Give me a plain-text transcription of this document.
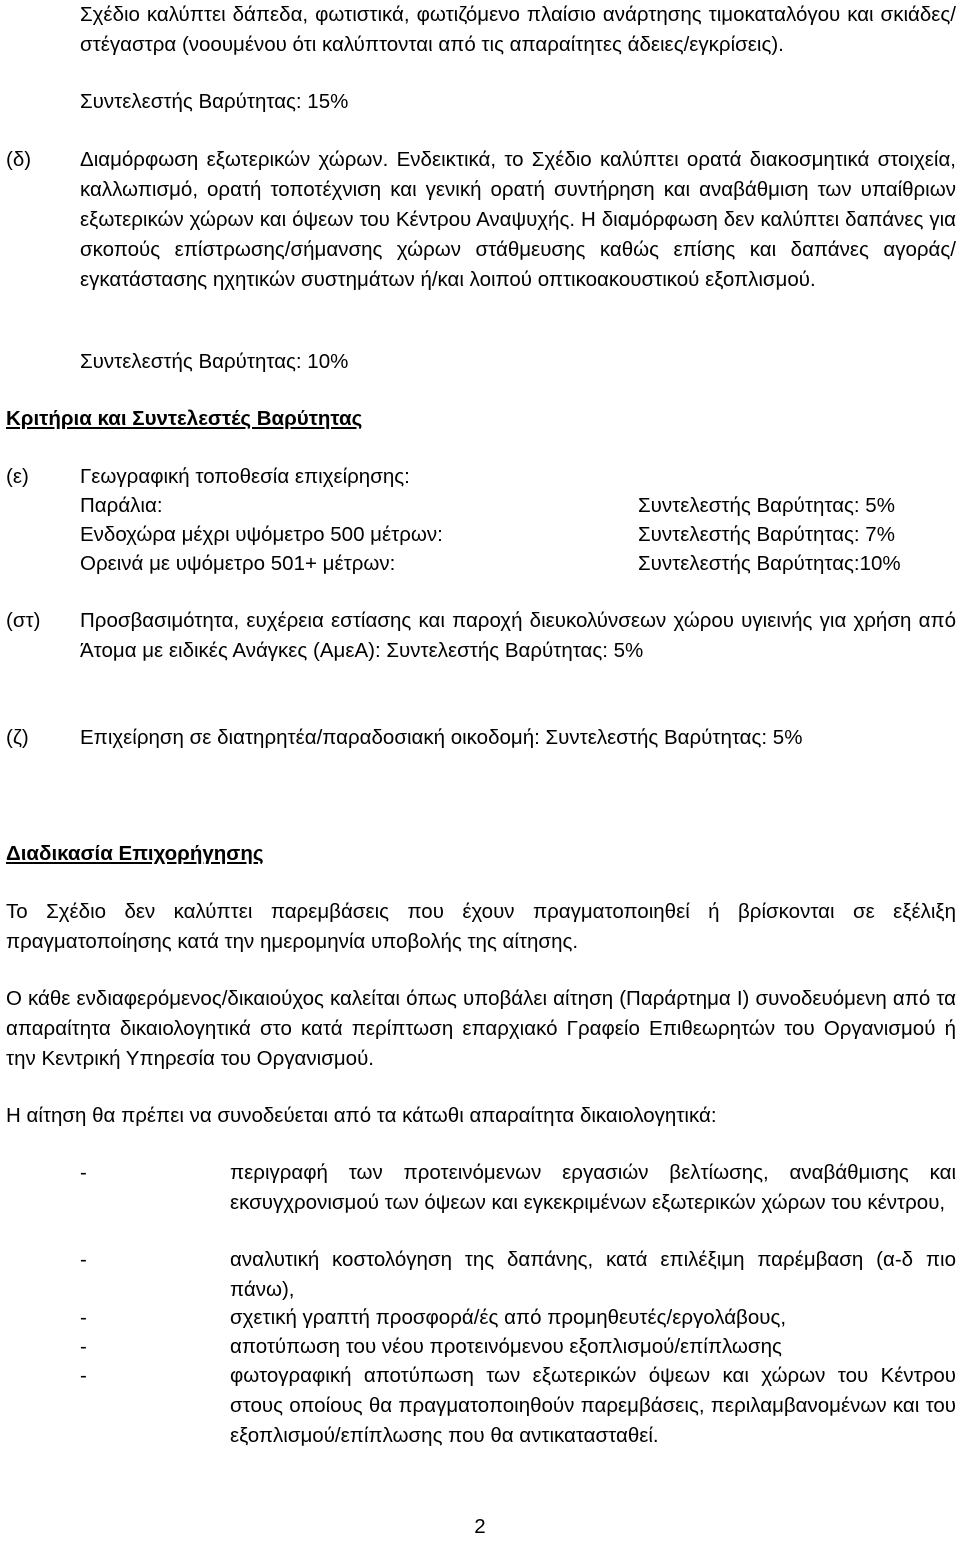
Σχέδιο καλύπτει δάπεδα, φωτιστικά, φωτιζόμενο πλαίσιο ανάρτησης τιμοκαταλόγου και σκιάδες/στέγαστρα (νοουμένου ότι καλύπτονται από τις απαραίτητες άδειες/εγκρίσεις).

Συντελεστής Βαρύτητας: 15%
(δ) Διαμόρφωση εξωτερικών χώρων. Ενδεικτικά, το Σχέδιο καλύπτει ορατά διακοσμητικά στοιχεία, καλλωπισμό, ορατή τοποτέχνιση και γενική ορατή συντήρηση και αναβάθμιση των υπαίθριων εξωτερικών χώρων και όψεων του Κέντρου Αναψυχής. Η διαμόρφωση δεν καλύπτει δαπάνες για σκοπούς επίστρωσης/σήμανσης χώρων στάθμευσης καθώς επίσης και δαπάνες αγοράς/εγκατάστασης ηχητικών συστημάτων ή/και λοιπού οπτικοακουστικού εξοπλισμού.

Συντελεστής Βαρύτητας: 10%
Κριτήρια και Συντελεστές Βαρύτητας
(ε) Γεωγραφική τοποθεσία επιχείρησης:
Παράλια:	Συντελεστής Βαρύτητας: 5%
Ενδοχώρα μέχρι υψόμετρο 500 μέτρων:	Συντελεστής Βαρύτητας: 7%
Ορεινά με υψόμετρο 501+ μέτρων:	Συντελεστής Βαρύτητας:10%
(στ) Προσβασιμότητα, ευχέρεια εστίασης και παροχή διευκολύνσεων χώρου υγιεινής για χρήση από Άτομα με ειδικές Ανάγκες (ΑμεΑ): Συντελεστής Βαρύτητας: 5%

(ζ)	Επιχείρηση σε διατηρητέα/παραδοσιακή οικοδομή: Συντελεστής Βαρύτητας: 5%

Διαδικασία Επιχορήγησης

Το Σχέδιο δεν καλύπτει παρεμβάσεις που έχουν πραγματοποιηθεί ή βρίσκονται σε εξέλιξη πραγματοποίησης κατά την ημερομηνία υποβολής της αίτησης.

Ο κάθε ενδιαφερόμενος/δικαιούχος καλείται όπως υποβάλει αίτηση (Παράρτημα Ι) συνοδευόμενη από τα απαραίτητα δικαιολογητικά στο κατά περίπτωση επαρχιακό Γραφείο Επιθεωρητών του Οργανισμού ή την Κεντρική Υπηρεσία του Οργανισμού.

Η αίτηση θα πρέπει να συνοδεύεται από τα κάτωθι απαραίτητα δικαιολογητικά:

-	περιγραφή των προτεινόμενων εργασιών βελτίωσης, αναβάθμισης και εκσυγχρονισμού των όψεων και εγκεκριμένων εξωτερικών χώρων του κέντρου,

-	αναλυτική κοστολόγηση της δαπάνης, κατά επιλέξιμη παρέμβαση (α-δ πιο πάνω),

-	σχετική γραπτή προσφορά/ές από προμηθευτές/εργολάβους,

-	αποτύπωση του νέου προτεινόμενου εξοπλισμού/επίπλωσης

-	φωτογραφική αποτύπωση των εξωτερικών όψεων και χώρων του Κέντρου στους οποίους θα πραγματοποιηθούν παρεμβάσεις, περιλαμβανομένων και του εξοπλισμού/επίπλωσης που θα αντικατασταθεί.

2
